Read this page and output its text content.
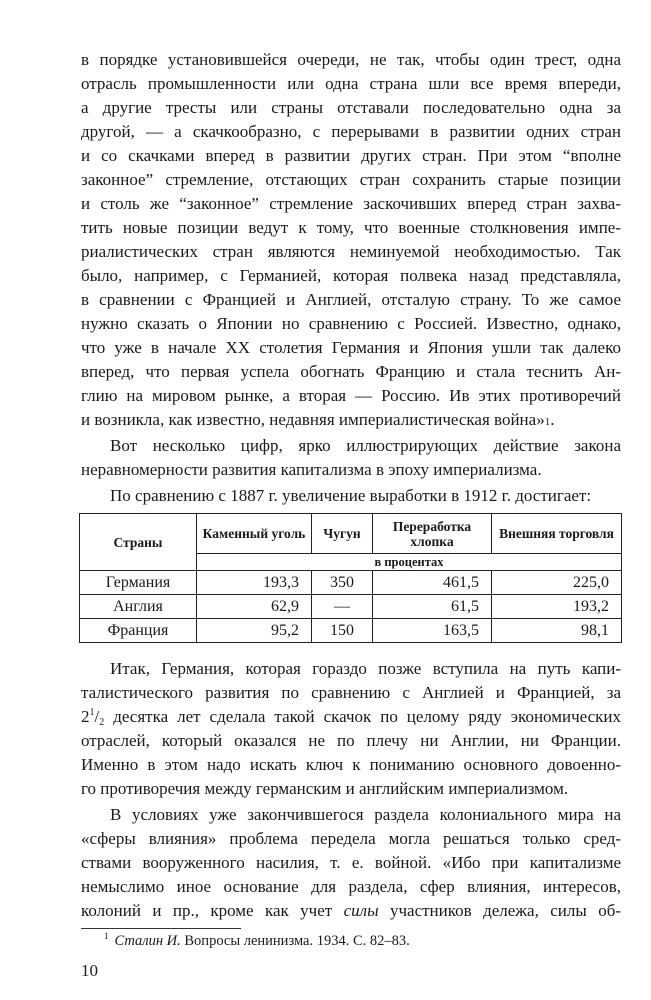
в порядке установившейся очереди, не так, чтобы один трест, одна
отрасль промышленности или одна страна шли все время впереди,
а другие тресты или страны отставали последовательно одна за
другой, — а скачкообразно, с перерывами в развитии одних стран
и со скачками вперед в развитии других стран. При этом “вполне
законное” стремление, отстающих стран сохранить старые позиции
и столь же “законное” стремление заскочивших вперед стран захва-
тить новые позиции ведут к тому, что военные столкновения импе-
риалистических стран являются неминуемой необходимостью. Так
было, например, с Германией, которая полвека назад представляла,
в сравнении с Францией и Англией, отсталую страну. То же самое
нужно сказать о Японии но сравнению с Россией. Известно, однако,
что уже в начале XX столетия Германия и Япония ушли так далеко
вперед, что первая успела обогнать Францию и стала теснить Ан-
глию на мировом рынке, а вторая — Россию. Ив этих противоречий
и возникла, как известно, недавняя империалистическая война»1.
Вот несколько цифр, ярко иллюстрирующих действие закона
неравномерности развития капитализма в эпоху империализма.
По сравнению с 1887 г. увеличение выработки в 1912 г. достигает:
Страны	Каменный уголь	Чугун	Переработка хлопка	Внешняя торговля
	в процентах			
Германия	193,3	350	461,5	225,0
Англия	62,9	—	61,5	193,2
Франция	95,2	150	163,5	98,1
Итак, Германия, которая гораздо позже вступила на путь капи-
талистического развития по сравнению с Англией и Францией, за
$2^1/2$ десятка лет сделала такой скачок по целому ряду экономических
отраслей, который оказался не по плечу ни Англии, ни Франции.
Именно в этом надо искать ключ к пониманию основного довоенно-
го противоречия между германским и английским империализмом.
В условиях уже закончившегося раздела колониального мира на
«сферы влияния» проблема передела могла решаться только сред-
ствами вооруженного насилия, т. е. войной. «Ибо при капитализме
немыслимо иное основание для раздела, сфер влияния, интересов,
колоний и пр., кроме как учет силы участников дележа, силы об-
$^1$ Сталин И. Вопросы ленинизма. 1934. С. 82–83.
10
